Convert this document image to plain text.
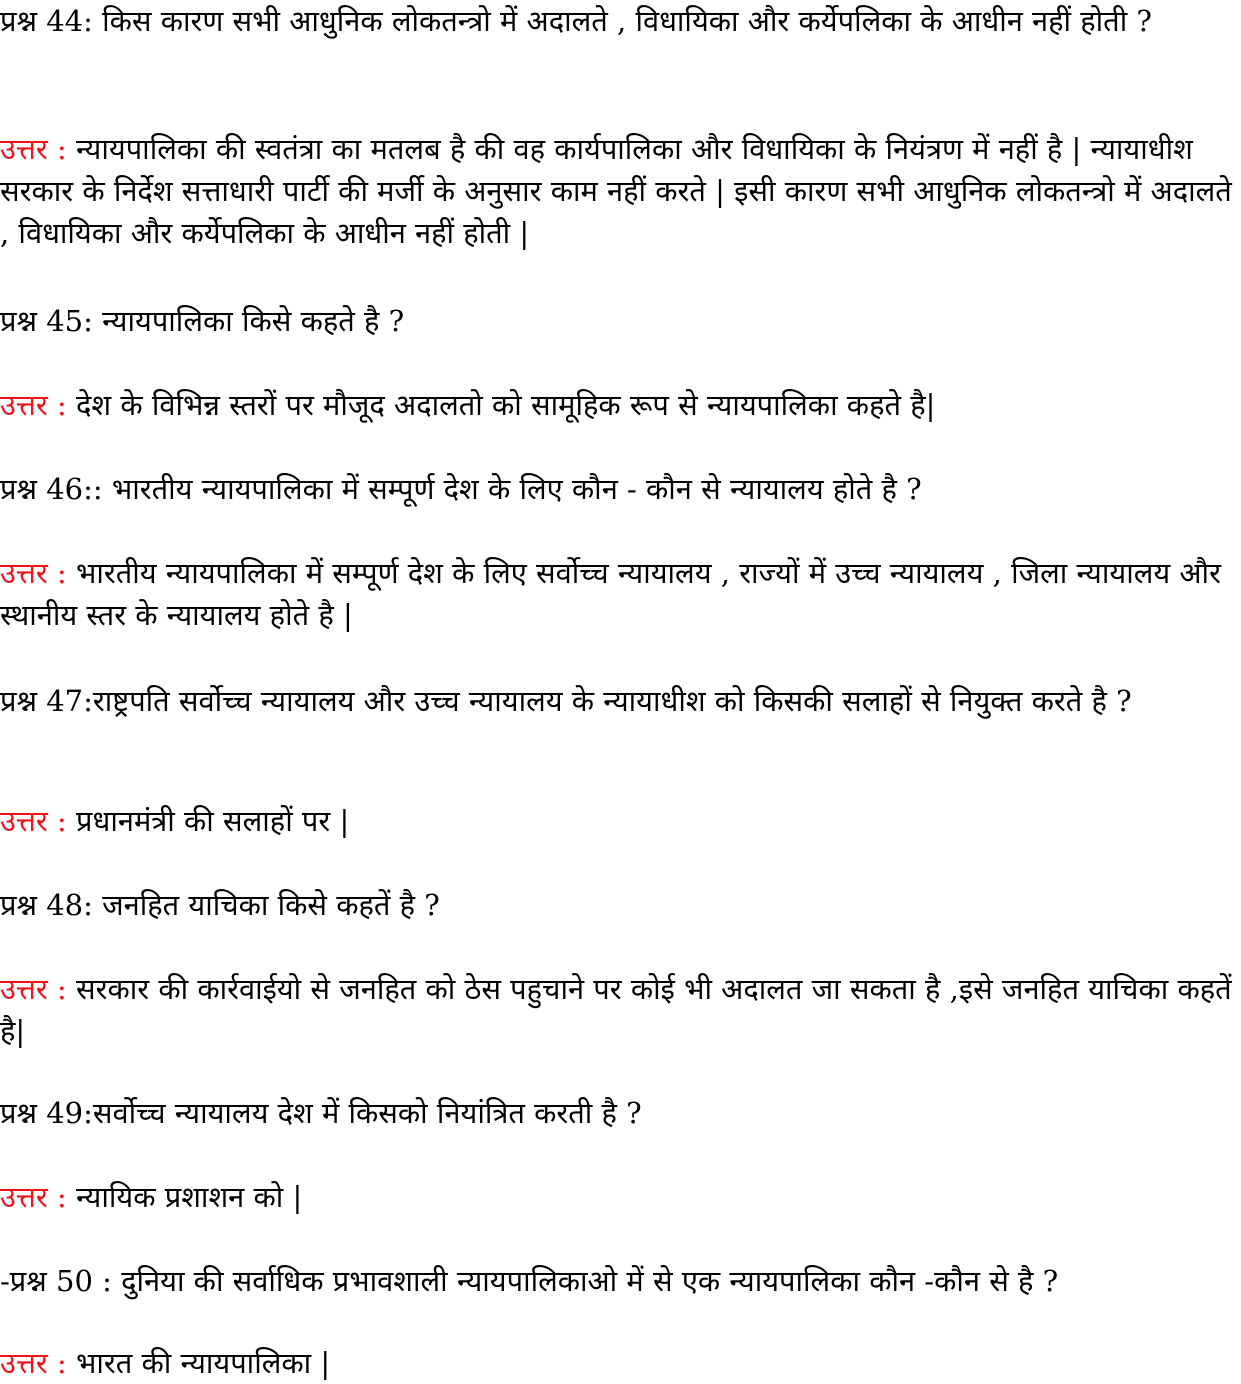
प्रश्न 44: किस कारण सभी आधुनिक लोकतन्त्रो में अदालते , विधायिका और कर्येपलिका के आधीन नहीं होती ?
उत्तर : न्यायपालिका की स्वतंत्रा का मतलब है की वह कार्यपालिका और विधायिका के नियंत्रण में नहीं है | न्यायाधीश सरकार के निर्देश सत्ताधारी पार्टी की मर्जी के अनुसार काम नहीं करते | इसी कारण सभी आधुनिक लोकतन्त्रो में अदालते , विधायिका और कर्येपलिका के आधीन नहीं होती |
प्रश्न 45: न्यायपालिका किसे कहते है ?
उत्तर : देश के विभिन्न स्तरों पर मौजूद अदालतो को सामूहिक रूप से न्यायपालिका कहते है|
प्रश्न 46:: भारतीय न्यायपालिका में सम्पूर्ण देश के लिए कौन - कौन से न्यायालय होते है ?
उत्तर : भारतीय न्यायपालिका में सम्पूर्ण देश के लिए सर्वोच्च न्यायालय , राज्यों में उच्च न्यायालय , जिला न्यायालय और स्थानीय स्तर के न्यायालय होते है |
प्रश्न 47:राष्ट्रपति सर्वोच्च न्यायालय और उच्च न्यायालय के न्यायाधीश को किसकी सलाहों से नियुक्त करते है ?
उत्तर : प्रधानमंत्री की सलाहों पर |
प्रश्न 48: जनहित याचिका किसे कहतें है ?
उत्तर : सरकार की कार्रवाईयो से जनहित को ठेस पहुचाने पर कोई भी अदालत जा सकता है ,इसे जनहित याचिका कहतें है|
प्रश्न 49:सर्वोच्च न्यायालय देश में किसको नियांत्रित करती है ?
उत्तर : न्यायिक प्रशाशन को |
-प्रश्न 50 : दुनिया की सर्वाधिक प्रभावशाली न्यायपालिकाओ में से एक न्यायपालिका कौन -कौन से है ?
उत्तर : भारत की न्यायपालिका |
